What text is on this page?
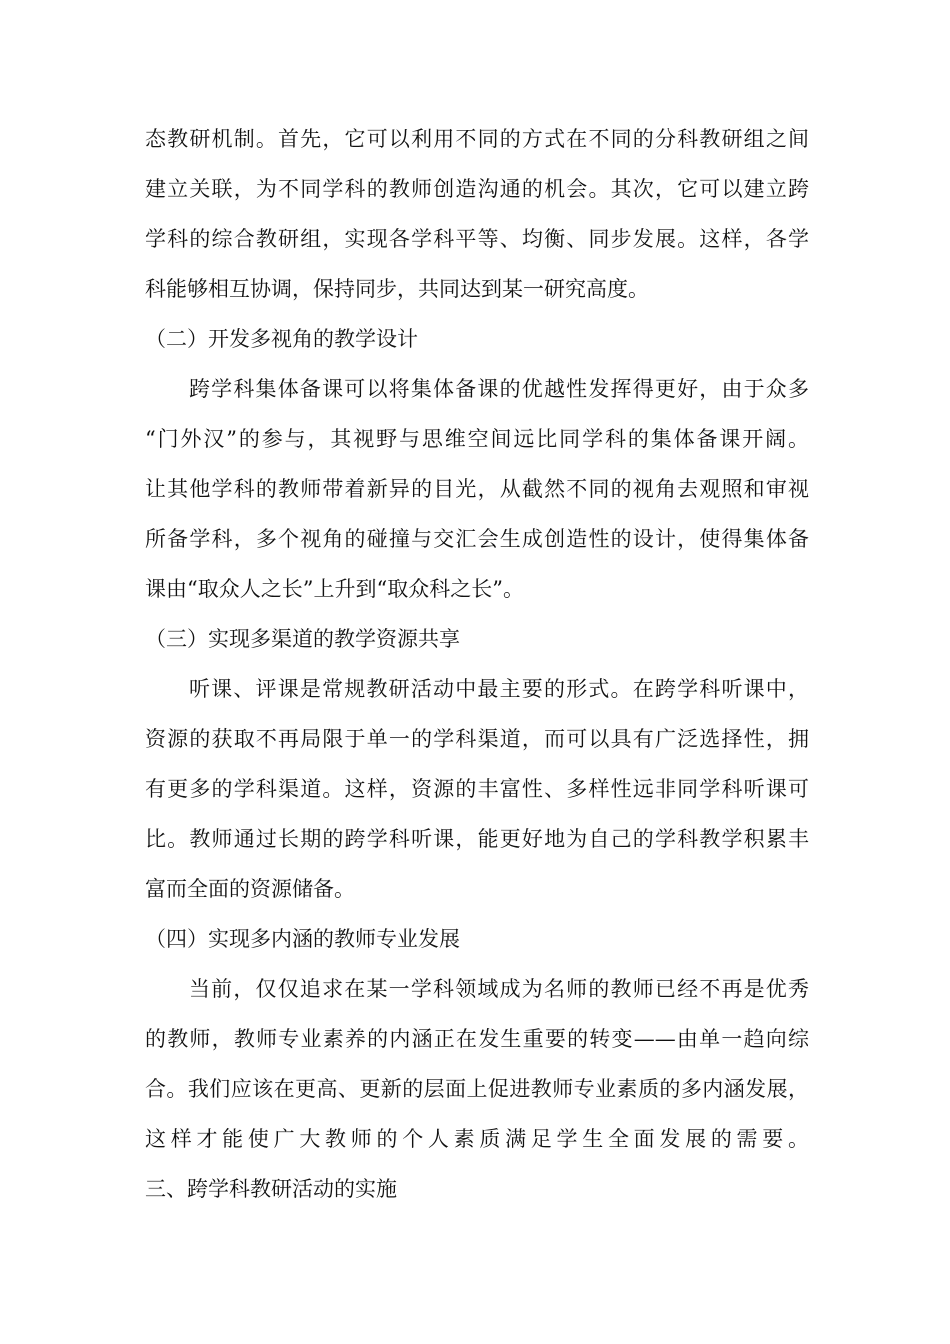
态教研机制。首先，它可以利用不同的方式在不同的分科教研组之间
建立关联，为不同学科的教师创造沟通的机会。其次，它可以建立跨
学科的综合教研组，实现各学科平等、均衡、同步发展。这样，各学
科能够相互协调，保持同步，共同达到某一研究高度。
（二）开发多视角的教学设计
跨学科集体备课可以将集体备课的优越性发挥得更好，由于众多
“门外汉”的参与，其视野与思维空间远比同学科的集体备课开阔。
让其他学科的教师带着新异的目光，从截然不同的视角去观照和审视
所备学科，多个视角的碰撞与交汇会生成创造性的设计，使得集体备
课由“取众人之长”上升到“取众科之长”。
（三）实现多渠道的教学资源共享
听课、评课是常规教研活动中最主要的形式。在跨学科听课中，
资源的获取不再局限于单一的学科渠道，而可以具有广泛选择性，拥
有更多的学科渠道。这样，资源的丰富性、多样性远非同学科听课可
比。教师通过长期的跨学科听课，能更好地为自己的学科教学积累丰
富而全面的资源储备。
（四）实现多内涵的教师专业发展
当前，仅仅追求在某一学科领域成为名师的教师已经不再是优秀
的教师，教师专业素养的内涵正在发生重要的转变——由单一趋向综
合。我们应该在更高、更新的层面上促进教师专业素质的多内涵发展，
这样才能使广大教师的个人素质满足学生全面发展的需要。
三、跨学科教研活动的实施
